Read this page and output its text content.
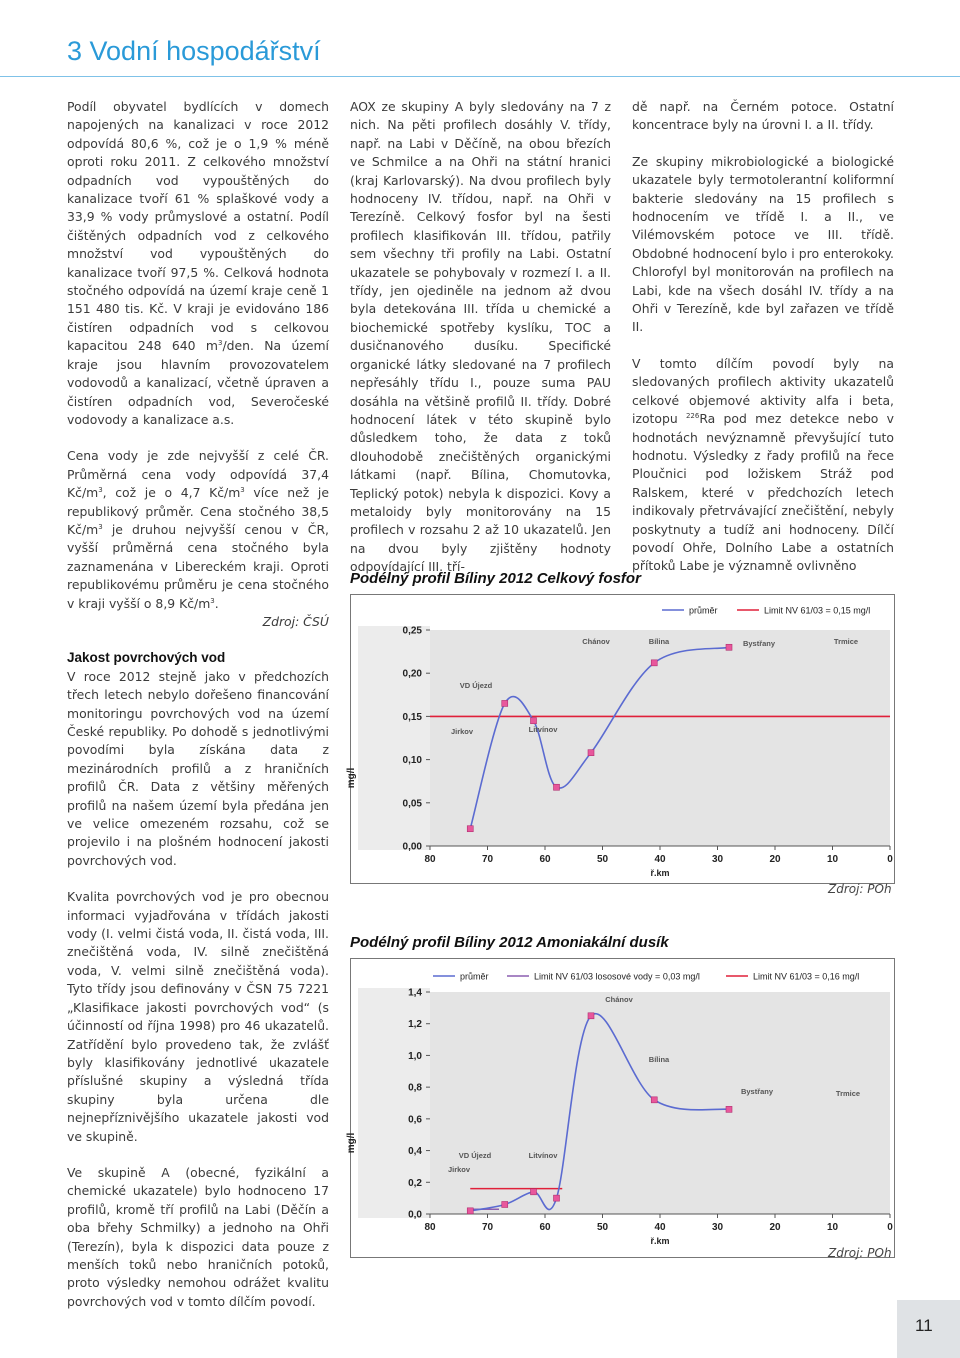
3 Vodní hospodářství

Podíl obyvatel bydlících v domech napojených na kanalizaci v roce 2012 odpovídá 80,6 %, což je o 1,9 % méně oproti roku 2011. Z celkového množství odpadních vod vypouštěných do kanalizace tvoří 61 % splaškové vody a 33,9 % vody průmyslové a ostatní. Podíl čištěných odpadních vod z celkového množství vod vypouštěných do kanalizace tvoří 97,5 %. Celková hodnota stočného odpovídá na území kraje ceně 1 151 480 tis. Kč. V kraji je evidováno 186 čistíren odpadních vod s celkovou kapacitou 248 640 $m^3$/den. Na území kraje jsou hlavním provozovatelem vodovodů a kanalizací, včetně úpraven a čistíren odpadních vod, Severočeské vodovody a kanalizace a.s.

Cena vody je zde nejvyšší z celé ČR. Průměrná cena vody odpovídá 37,4 $Kč/m^3$, což je o 4,7 $Kč/m^3$ více než je republikový průměr. Cena stočného 38,5 $Kč/m^3$ je druhou nejvyšší cenou v ČR, vyšší průměrná cena stočného byla zaznamenána v Libereckém kraji. Oproti republikovému průměru je cena stočného v kraji vyšší o 8,9 $Kč/m^3$.

Zdroj: ČSÚ

Jakost povrchových vod

V roce 2012 stejně jako v předchozích třech letech nebylo dořešeno financování monitoringu povrchových vod na území České republiky. Po dohodě s jednotlivými povodími byla získána data z mezinárodních profilů a z hraničních profilů ČR. Data z většiny měřených profilů na našem území byla předána jen ve velice omezeném rozsahu, což se projevilo i na plošném hodnocení jakosti povrchových vod.

Kvalita povrchových vod je pro obecnou informaci vyjadřována v třídách jakosti vody (I. velmi čistá voda, II. čistá voda, III. znečištěná voda, IV. silně znečištěná voda, V. velmi silně znečištěná voda). Tyto třídy jsou definovány v ČSN 75 7221 „Klasifikace jakosti povrchových vod“ (s účinností od října 1998) pro 46 ukazatelů. Zatřídění bylo provedeno tak, že zvlášť byly klasifikovány jednotlivé ukazatele příslušné skupiny a výsledná třída skupiny byla určena dle nejnepříznivějšího ukazatele jakosti vod ve skupině.

Ve skupině A (obecné, fyzikální a chemické ukazatele) bylo hodnoceno 17 profilů, kromě tří profilů na Labi (Děčín a oba břehy Schmilky) a jednoho na Ohři (Terezín), byla k dispozici data pouze z menších toků nebo hraničních potoků, proto výsledky nemohou odrážet kvalitu povrchových vod v tomto dílčím povodí.

AOX ze skupiny A byly sledovány na 7 z nich. Na pěti profilech dosáhly V. třídy, např. na Labi v Děčíně, na obou březích ve Schmilce a na Ohři na státní hranici (kraj Karlovarský). Na dvou profilech byly hodnoceny IV. třídou, např. na Ohři v Terezíně. Celkový fosfor byl na šesti profilech klasifikován III. třídou, patřily sem všechny tři profily na Labi. Ostatní ukazatele se pohybovaly v rozmezí I. a II. třídy, jen ojediněle na jednom až dvou byla detekována III. třída u chemické a biochemické spotřeby kyslíku, TOC a dusičnanového dusíku. Specifické organické látky sledované na 7 profilech nepřesáhly třídu I., pouze suma PAU dosáhla na většině profilů II. třídy. Dobré hodnocení látek v této skupině bylo důsledkem toho, že data z toků dlouhodobě znečištěných organickými látkami (např. Bílina, Chomutovka, Teplický potok) nebyla k dispozici. Kovy a metaloidy byly monitorovány na 15 profilech v rozsahu 2 až 10 ukazatelů. Jen na dvou byly zjištěny hodnoty odpovídající III. tří-

dě např. na Černém potoce. Ostatní koncentrace byly na úrovni I. a II. třídy.

Ze skupiny mikrobiologické a biologické ukazatele byly termotolerantní koliformní bakterie sledovány na 15 profilech s hodnocením ve třídě I. a II., ve Vilémovském potoce ve III. třídě. Obdobné hodnocení bylo i pro enterokoky. Chlorofyl byl monitorován na profilech na Labi, kde na všech dosáhl IV. třídy a na Ohři v Terezíně, kde byl zařazen ve třídě II.

V tomto dílčím povodí byly na sledovaných profilech aktivity ukazatelů celkové objemové aktivity alfa i beta, izotopu $^{226}$Ra pod mez detekce nebo v hodnotách nevýznamně převyšující tuto hodnotu. Výsledky z řady profilů na řece Ploučnici pod ložiskem Stráž pod Ralskem, které v předchozích letech indikovaly přetrvávající znečištění, nebyly poskytnuty a tudíž ani hodnoceny. Dílčí povodí Ohře, Dolního Labe a ostatních přítoků Labe je významně ovlivněno

Podélný profil Bíliny 2012 Celkový fosfor
0,00
0,05
0,10
0,15
0,20
0,25
mg/l
80	70	60	50	40	30	20	10	0
ř.km
Chánov	Bílina	Bystřany	Trmice
VD Újezd
Jirkov	Litvínov
průměr	Limit NV 61/03 = 0,15 mg/l
Zdroj: POh
Podélný profil Bíliny 2012 Amoniakální dusík
0,0
0,2
0,4
0,6
0,8
1,0
1,2
1,4
mg/l
80	70	60	50	40	30	20	10	0
ř.km
Chánov
Bílina
Bystřany	Trmice
VD Újezd
Jirkov
Litvínov
průměr	Limit NV 61/03 lososové vody = 0,03 mg/l	Limit NV 61/03 = 0,16 mg/l
Zdroj: POh
11
